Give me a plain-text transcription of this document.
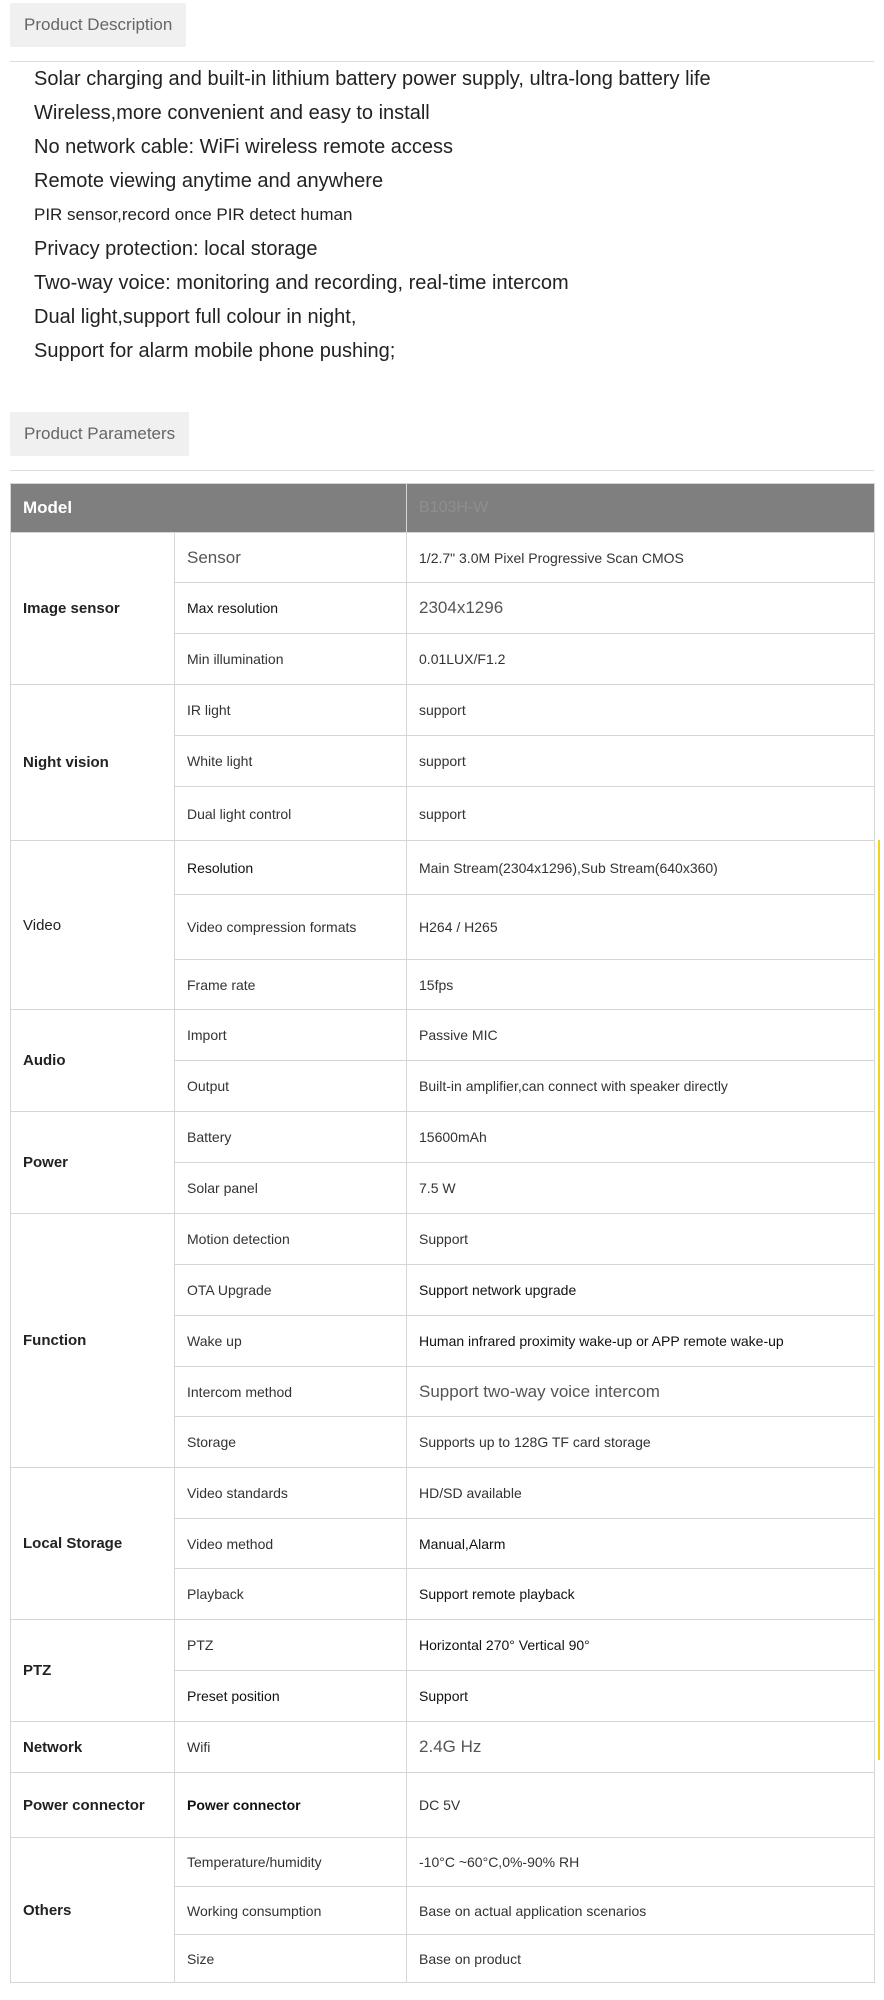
Product Description
Solar charging and built-in lithium battery power supply, ultra-long battery life
Wireless,more convenient and easy to install
No network cable: WiFi wireless remote access
Remote viewing anytime and anywhere
PIR sensor,record once PIR detect human
Privacy protection: local storage
Two-way voice: monitoring and recording, real-time intercom
Dual light,support full colour in night,
Support for alarm mobile phone pushing;
Product Parameters
Model		B103H-W
Image sensor	Sensor	1/2.7" 3.0M Pixel Progressive Scan CMOS
	Max resolution	2304x1296
	Min illumination	0.01LUX/F1.2
Night vision	IR light	support
	White light	support
	Dual light control	support
Video	Resolution	Main Stream(2304x1296),Sub Stream(640x360)
	Video compression formats	H264 / H265
	Frame rate	15fps
Audio	Import	Passive MIC
	Output	Built-in amplifier,can connect with speaker directly
Power	Battery	15600mAh
	Solar panel	7.5 W
Function	Motion detection	Support
	OTA Upgrade	Support network upgrade
	Wake up	Human infrared proximity wake-up or APP remote wake-up
	Intercom method	Support two-way voice intercom
	Storage	Supports up to 128G TF card storage
Local Storage	Video standards	HD/SD available
	Video method	Manual,Alarm
	Playback	Support remote playback
PTZ	PTZ	Horizontal 270° Vertical 90°
	Preset position	Support
Network	Wifi	2.4G Hz
Power connector	Power connector	DC 5V
Others	Temperature/humidity	-10°C ~60°C,0%-90% RH
	Working consumption	Base on actual application scenarios
	Size	Base on product
